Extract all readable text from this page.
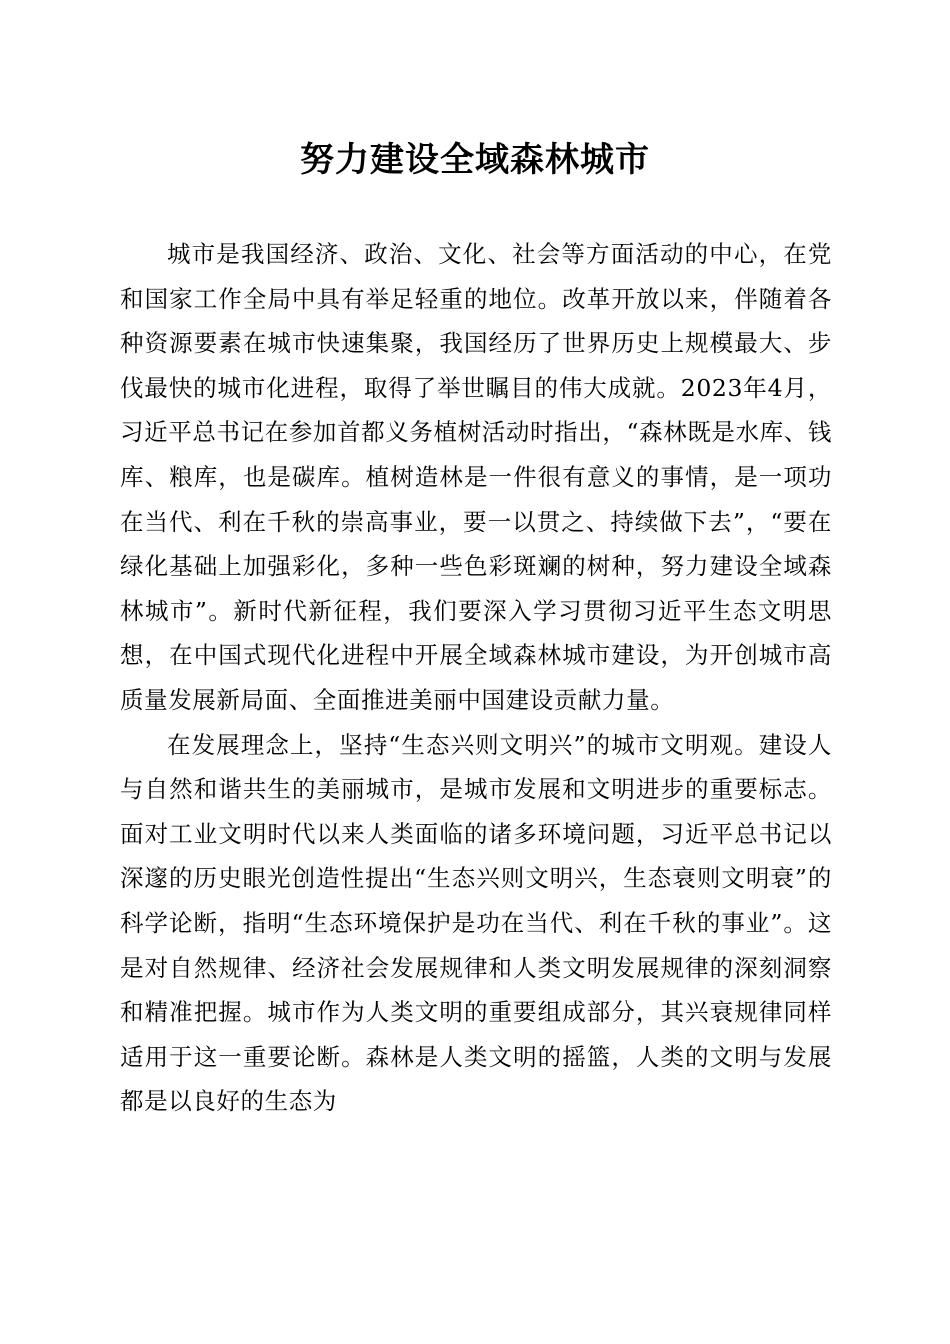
努力建设全域森林城市

城市是我国经济、政治、文化、社会等方面活动的中心，在党和国家工作全局中具有举足轻重的地位。改革开放以来，伴随着各种资源要素在城市快速集聚，我国经历了世界历史上规模最大、步伐最快的城市化进程，取得了举世瞩目的伟大成就。2023年4月，习近平总书记在参加首都义务植树活动时指出，“森林既是水库、钱库、粮库，也是碳库。植树造林是一件很有意义的事情，是一项功在当代、利在千秋的崇高事业，要一以贯之、持续做下去”，“要在绿化基础上加强彩化，多种一些色彩斑斓的树种，努力建设全域森林城市”。新时代新征程，我们要深入学习贯彻习近平生态文明思想，在中国式现代化进程中开展全域森林城市建设，为开创城市高质量发展新局面、全面推进美丽中国建设贡献力量。

在发展理念上，坚持“生态兴则文明兴”的城市文明观。建设人与自然和谐共生的美丽城市，是城市发展和文明进步的重要标志。面对工业文明时代以来人类面临的诸多环境问题，习近平总书记以深邃的历史眼光创造性提出“生态兴则文明兴，生态衰则文明衰”的科学论断，指明“生态环境保护是功在当代、利在千秋的事业”。这是对自然规律、经济社会发展规律和人类文明发展规律的深刻洞察和精准把握。城市作为人类文明的重要组成部分，其兴衰规律同样适用于这一重要论断。森林是人类文明的摇篮，人类的文明与发展都是以良好的生态为
